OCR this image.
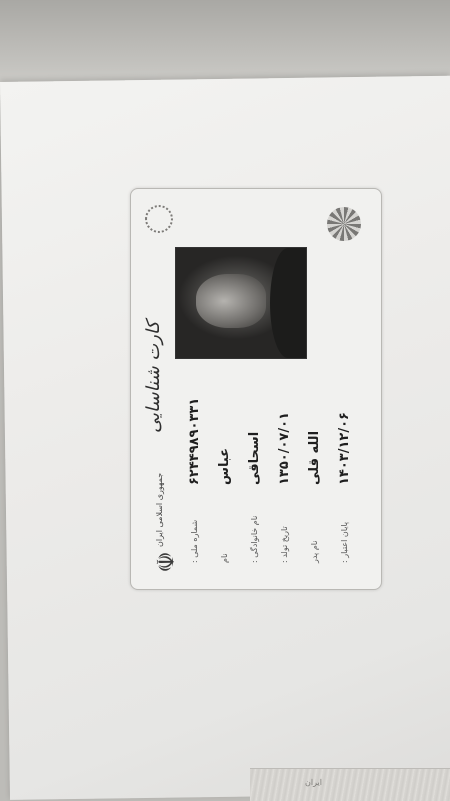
ایران
☫
جمهوری اسلامی ایران
کارت شناسایی
شماره ملی :
۶۲۴۴۹۸۹۰۳۳۱
نام
عباس
نام خانوادگی :
اسحاقی
تاریخ تولد :
۱۳۵۰/۰۷/۰۱
نام پدر
الله قلی
پایان اعتبار :
۱۴۰۳/۱۲/۰۶
